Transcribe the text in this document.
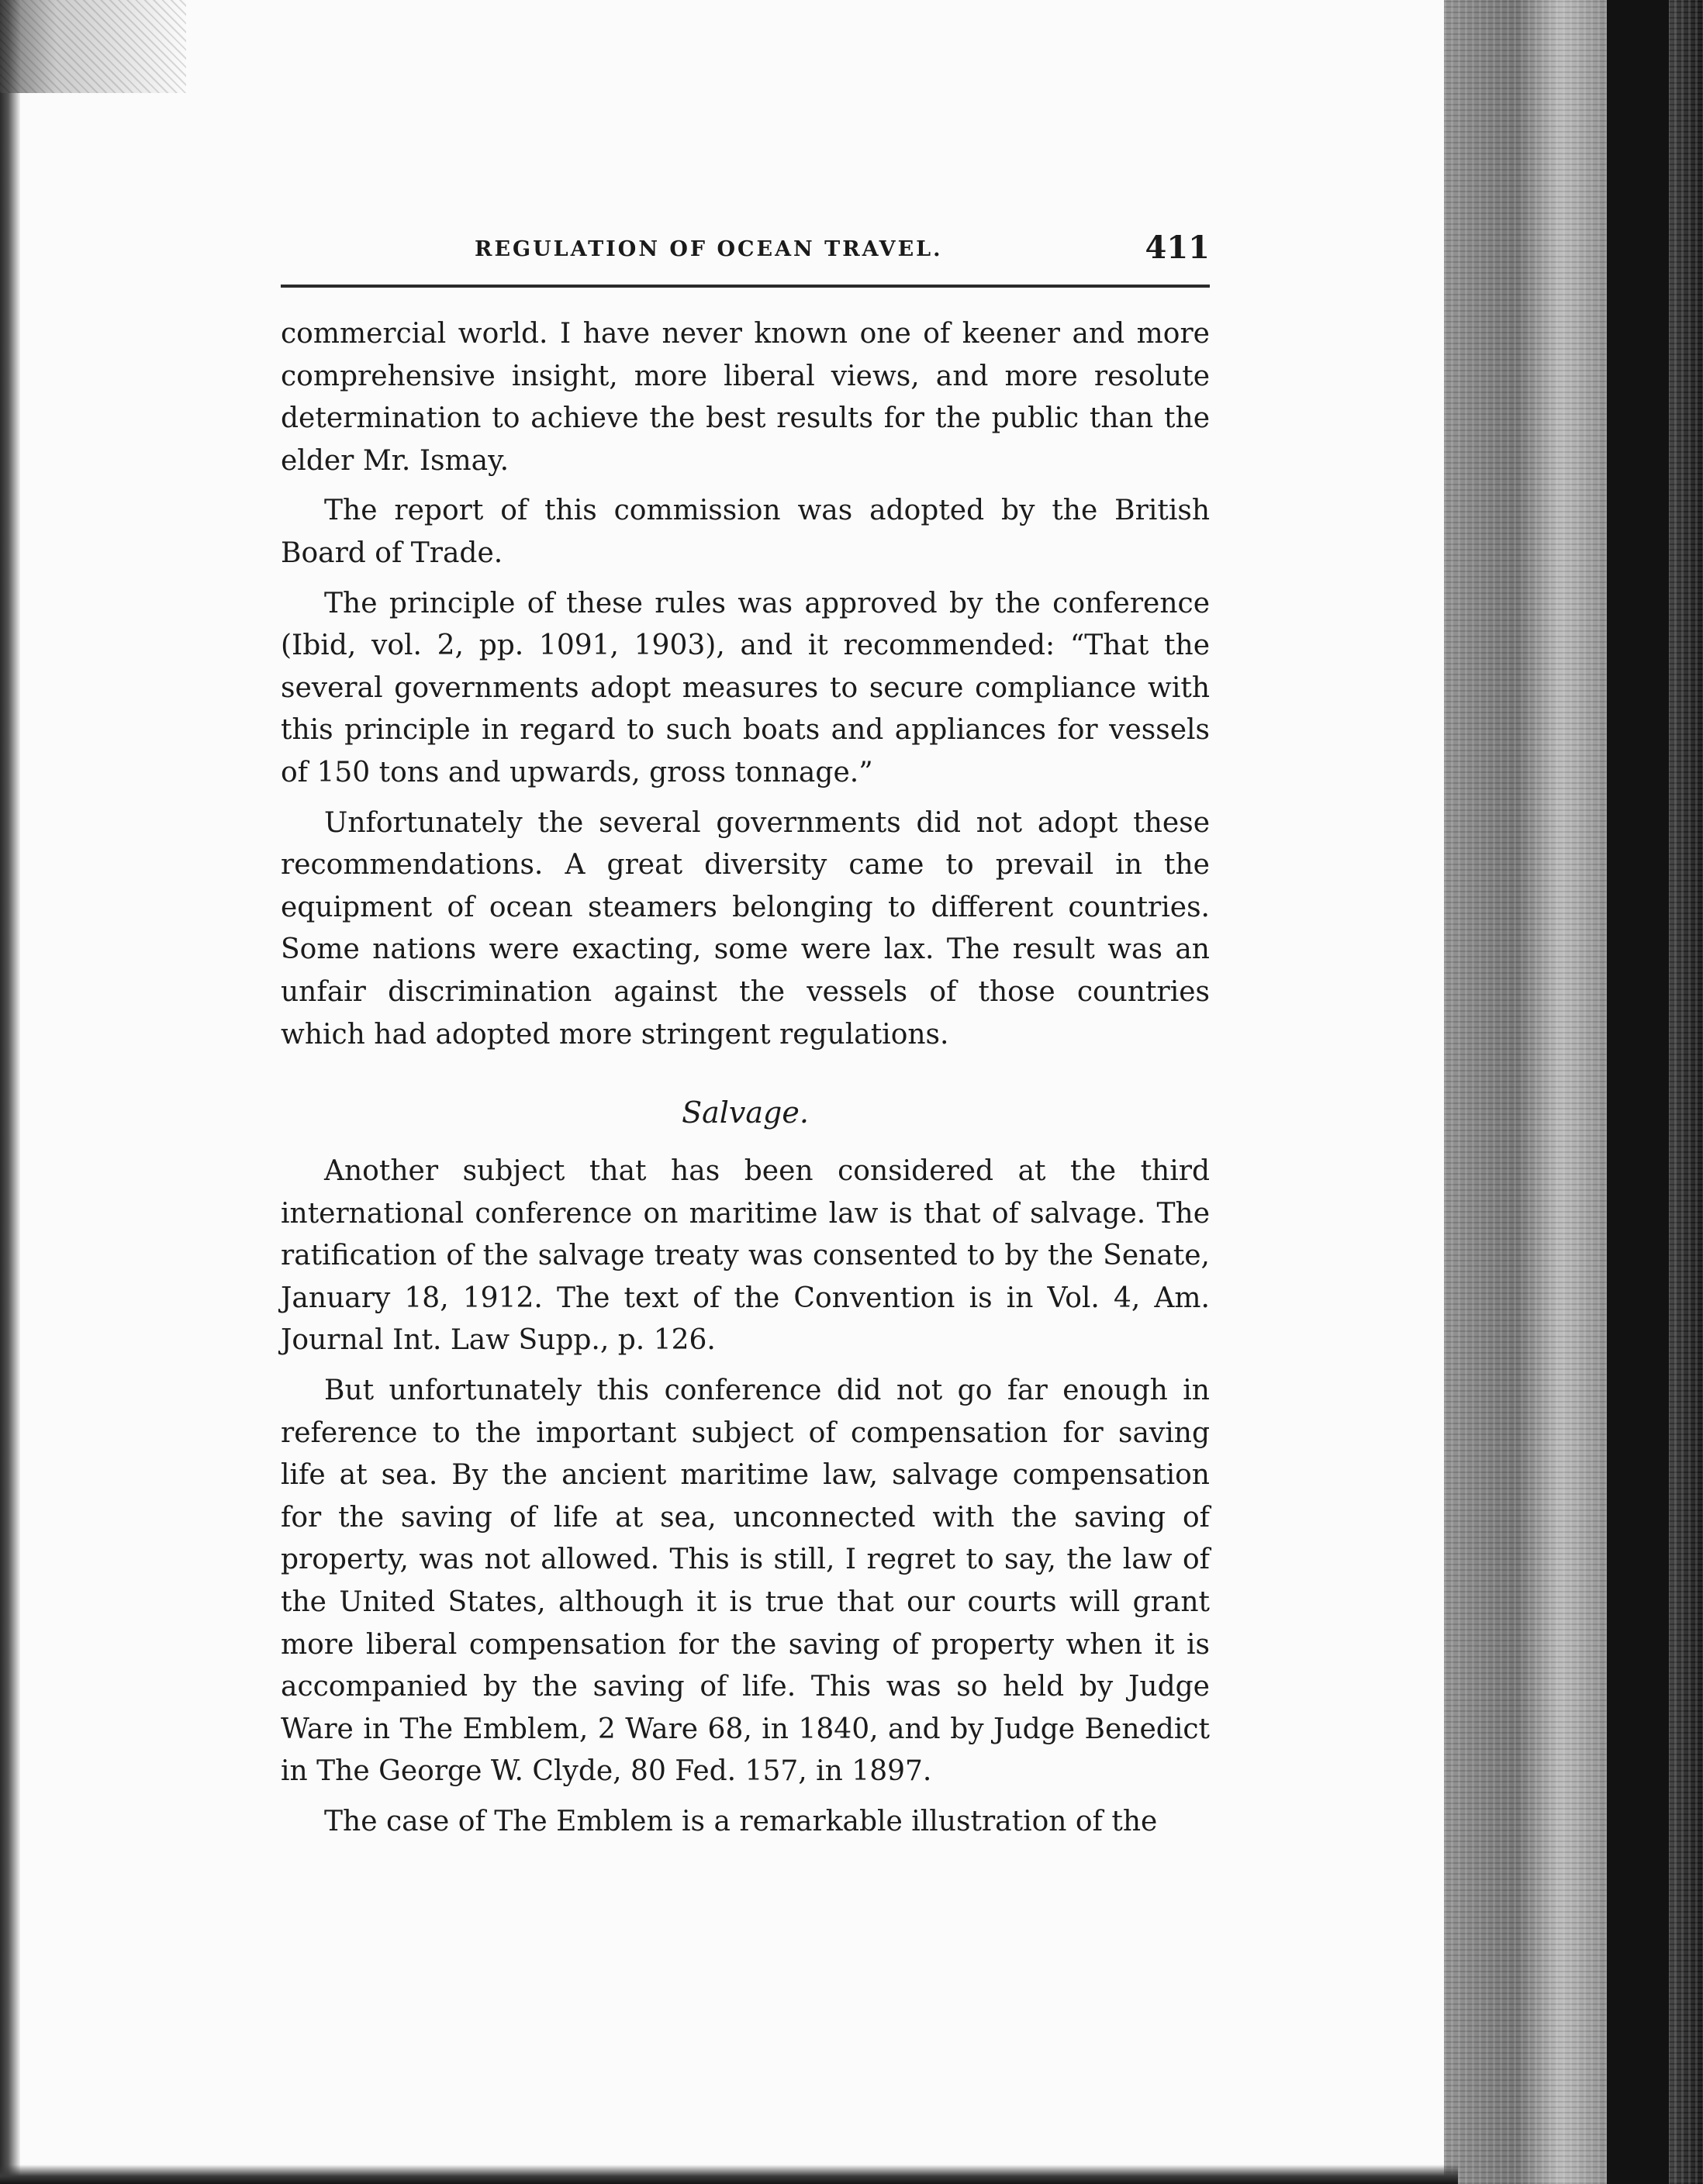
REGULATION OF OCEAN TRAVEL.	411

commercial world. I have never known one of keener and more comprehensive insight, more liberal views, and more resolute determination to achieve the best results for the public than the elder Mr. Ismay.

The report of this commission was adopted by the British Board of Trade.

The principle of these rules was approved by the conference (Ibid, vol. 2, pp. 1091, 1903), and it recommended: “That the several governments adopt measures to secure compliance with this principle in regard to such boats and appliances for vessels of 150 tons and upwards, gross tonnage.”

Unfortunately the several governments did not adopt these recommendations. A great diversity came to prevail in the equipment of ocean steamers belonging to different countries. Some nations were exacting, some were lax. The result was an unfair discrimination against the vessels of those countries which had adopted more stringent regulations.

Salvage.

Another subject that has been considered at the third international conference on maritime law is that of salvage. The ratification of the salvage treaty was consented to by the Senate, January 18, 1912. The text of the Convention is in Vol. 4, Am. Journal Int. Law Supp., p. 126.

But unfortunately this conference did not go far enough in reference to the important subject of compensation for saving life at sea. By the ancient maritime law, salvage compensation for the saving of life at sea, unconnected with the saving of property, was not allowed. This is still, I regret to say, the law of the United States, although it is true that our courts will grant more liberal compensation for the saving of property when it is accompanied by the saving of life. This was so held by Judge Ware in The Emblem, 2 Ware 68, in 1840, and by Judge Benedict in The George W. Clyde, 80 Fed. 157, in 1897.

The case of The Emblem is a remarkable illustration of the
